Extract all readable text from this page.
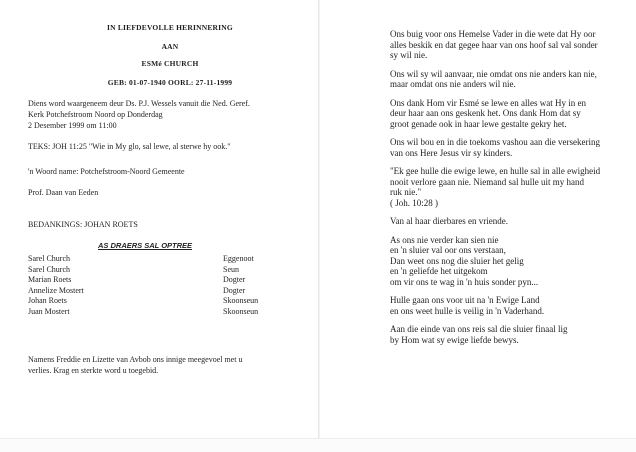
IN LIEFDEVOLLE HERINNERING
AAN
ESMé CHURCH
GEB: 01-07-1940 OORL: 27-11-1999

Diens word waargeneem deur Ds. P.J. Wessels vanuit die Ned. Geref.

Kerk Potchefstroom Noord op Donderdag

2 Desember 1999 om 11:00

TEKS: JOH 11:25 "Wie in My glo, sal lewe, al sterwe hy ook."

'n Woord name: Potchefstroom-Noord Gemeente

Prof. Daan van Eeden

BEDANKINGS: JOHAN ROETS

AS DRAERS SAL OPTREE
Sarel Church
Sarel Church
Marian Roets
Annelize Mostert
Johan Roets
Juan Mostert
Eggenoot
Seun
Dogter
Dogter
Skoonseun
Skoonseun

Namens Freddie en Lizette van Avbob ons innige meegevoel met u

verlies. Krag en sterkte word u toegebid.

Ons buig voor ons Hemelse Vader in die wete dat Hy oor

alles beskik en dat gegee haar van ons hoof sal val sonder

sy wil nie.

Ons wil sy wil aanvaar, nie omdat ons nie anders kan nie,

maar omdat ons nie anders wil nie.

Ons dank Hom vir Esmé se lewe en alles wat Hy in en

deur haar aan ons geskenk het. Ons dank Hom dat sy

groot genade ook in haar lewe gestalte gekry het.

Ons wil bou en in die toekoms vashou aan die versekering

van ons Here Jesus vir sy kinders.

"Ek gee hulle die ewige lewe, en hulle sal in alle ewigheid

nooit verlore gaan nie. Niemand sal hulle uit my hand

ruk nie."

( Joh. 10:28 )

Van al haar dierbares en vriende.

As ons nie verder kan sien nie

en 'n sluier val oor ons verstaan,

Dan weet ons nog die sluier het gelig

en 'n geliefde het uitgekom

om vir ons te wag in 'n huis sonder pyn...

Hulle gaan ons voor uit na 'n Ewige Land

en ons weet hulle is veilig in 'n Vaderhand.

Aan die einde van ons reis sal die sluier finaal lig

by Hom wat sy ewige liefde bewys.
